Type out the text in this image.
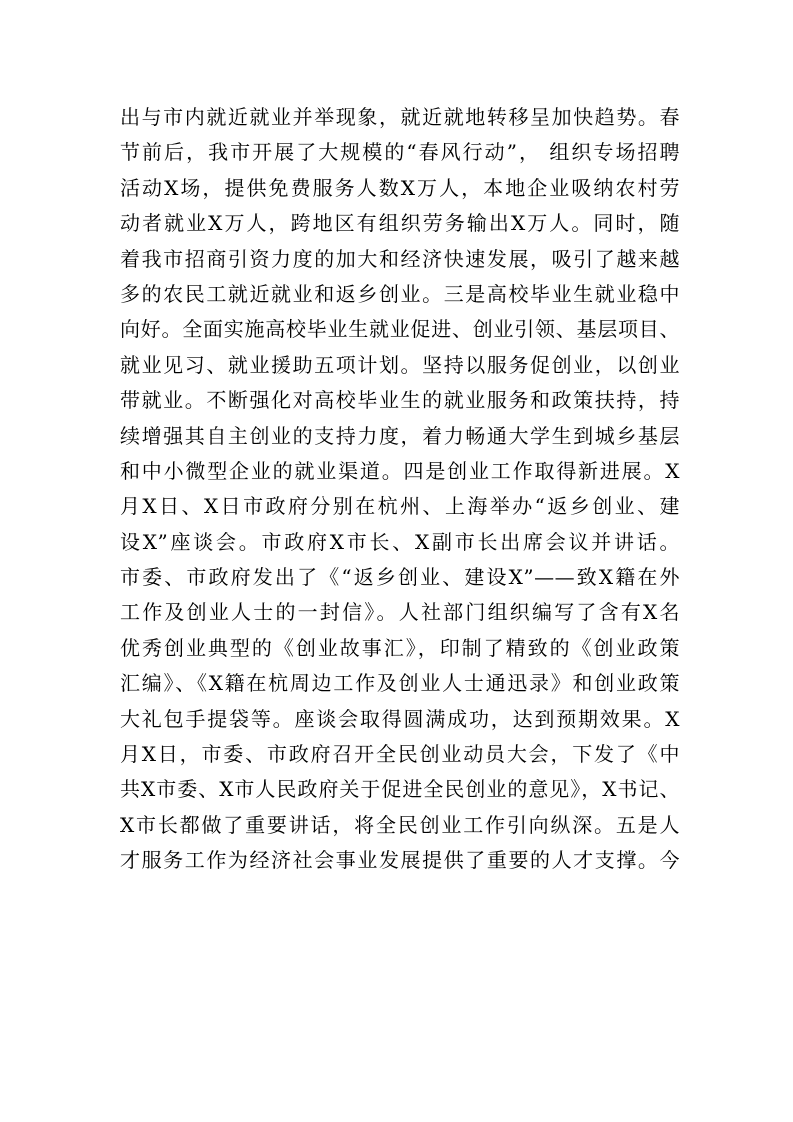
出与市内就近就业并举现象，就近就地转移呈加快趋势。春
节前后，我市开展了大规模的“春风行动”， 组织专场招聘
活动X场，提供免费服务人数X万人，本地企业吸纳农村劳
动者就业X万人，跨地区有组织劳务输出X万人。同时，随
着我市招商引资力度的加大和经济快速发展，吸引了越来越
多的农民工就近就业和返乡创业。三是高校毕业生就业稳中
向好。全面实施高校毕业生就业促进、创业引领、基层项目、
就业见习、就业援助五项计划。坚持以服务促创业，以创业
带就业。不断强化对高校毕业生的就业服务和政策扶持，持
续增强其自主创业的支持力度，着力畅通大学生到城乡基层
和中小微型企业的就业渠道。四是创业工作取得新进展。X
月X日、X日市政府分别在杭州、上海举办“返乡创业、建
设X”座谈会。市政府X市长、X副市长出席会议并讲话。
市委、市政府发出了《“返乡创业、建设X”——致X籍在外
工作及创业人士的一封信》。人社部门组织编写了含有X名
优秀创业典型的《创业故事汇》，印制了精致的《创业政策
汇编》、《X籍在杭周边工作及创业人士通迅录》和创业政策
大礼包手提袋等。座谈会取得圆满成功，达到预期效果。X
月X日，市委、市政府召开全民创业动员大会，下发了《中
共X市委、X市人民政府关于促进全民创业的意见》，X书记、
X市长都做了重要讲话，将全民创业工作引向纵深。五是人
才服务工作为经济社会事业发展提供了重要的人才支撑。今
